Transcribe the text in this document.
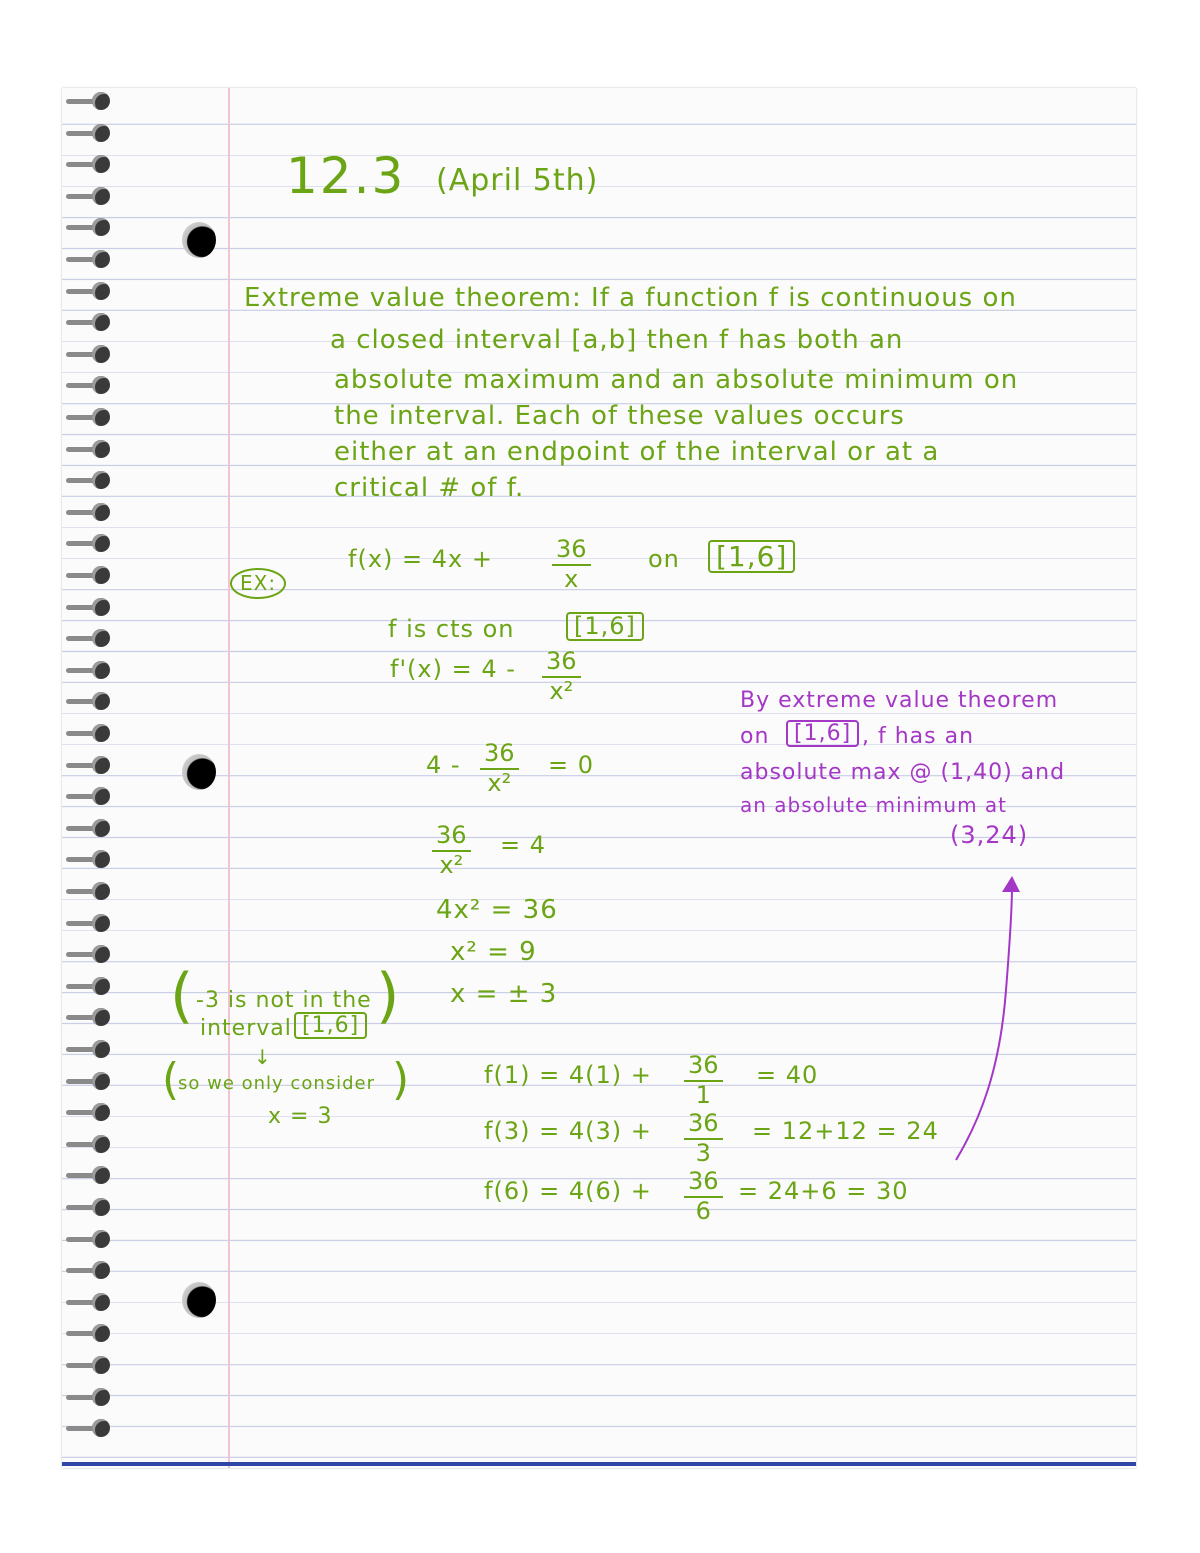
12.3 (April 5th)
Extreme value theorem: If a function f is continuous on
a closed interval [a,b] then f has both an
absolute maximum and an absolute minimum on
the interval. Each of these values occurs
either at an endpoint of the interval or at a
critical # of f.
EX:
$f(x) = 4x + \frac{36}{x}$ on [1,6]
f is cts on	[1,6]
$f'(x) = 4 - \frac{36}{\text{x²}}$
$4 - \frac{36}{\text{x²}} = 0$
$\frac{36}{\text{x²}} = 4$
4x² = 36
x² = 9
x = ± 3
(	)
-3 is not in the
interval [1,6]
↓
(	)
so we only consider
x = 3
$f(1) = 4(1) + \frac{36}{1} = 40$
$f(3) = 4(3) + \frac{36}{3} = 12+12 = 24$
$f(6) = 4(6) + \frac{36}{6} = 24+6 = 30$
By extreme value theorem
on	[1,6] , f has an
absolute max @ (1,40) and
an absolute minimum at
(3,24)
